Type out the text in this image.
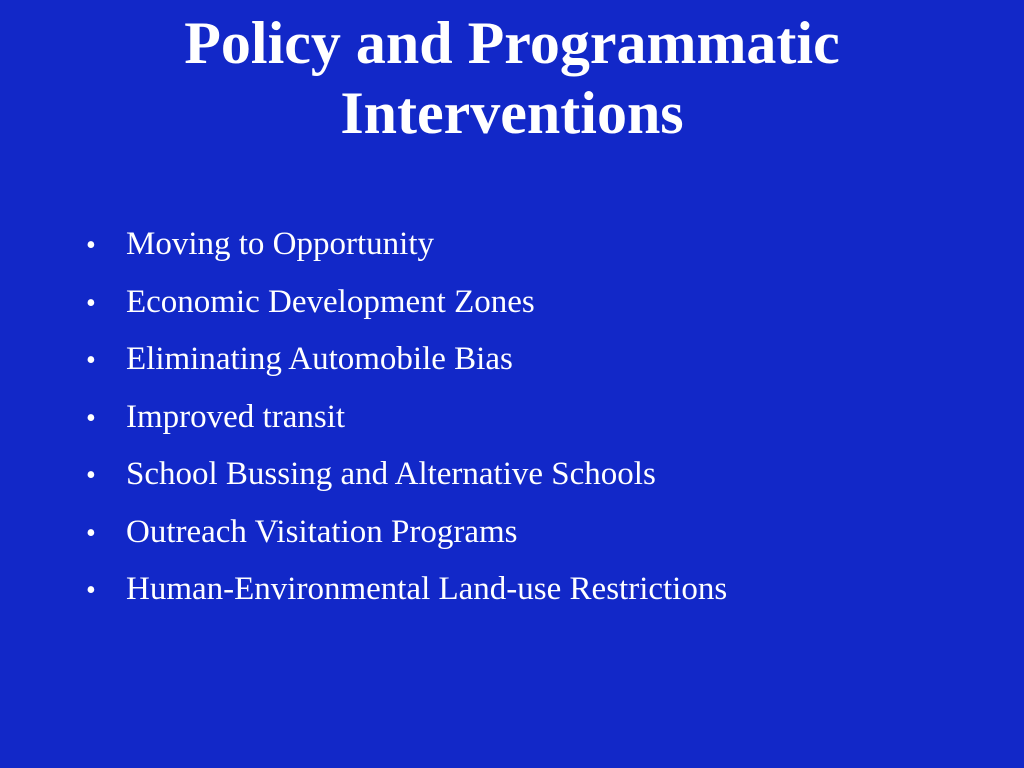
Policy and Programmatic
Interventions
• Moving to Opportunity
• Economic Development Zones
• Eliminating Automobile Bias
• Improved transit
• School Bussing and Alternative Schools
• Outreach Visitation Programs
• Human-Environmental Land-use Restrictions
